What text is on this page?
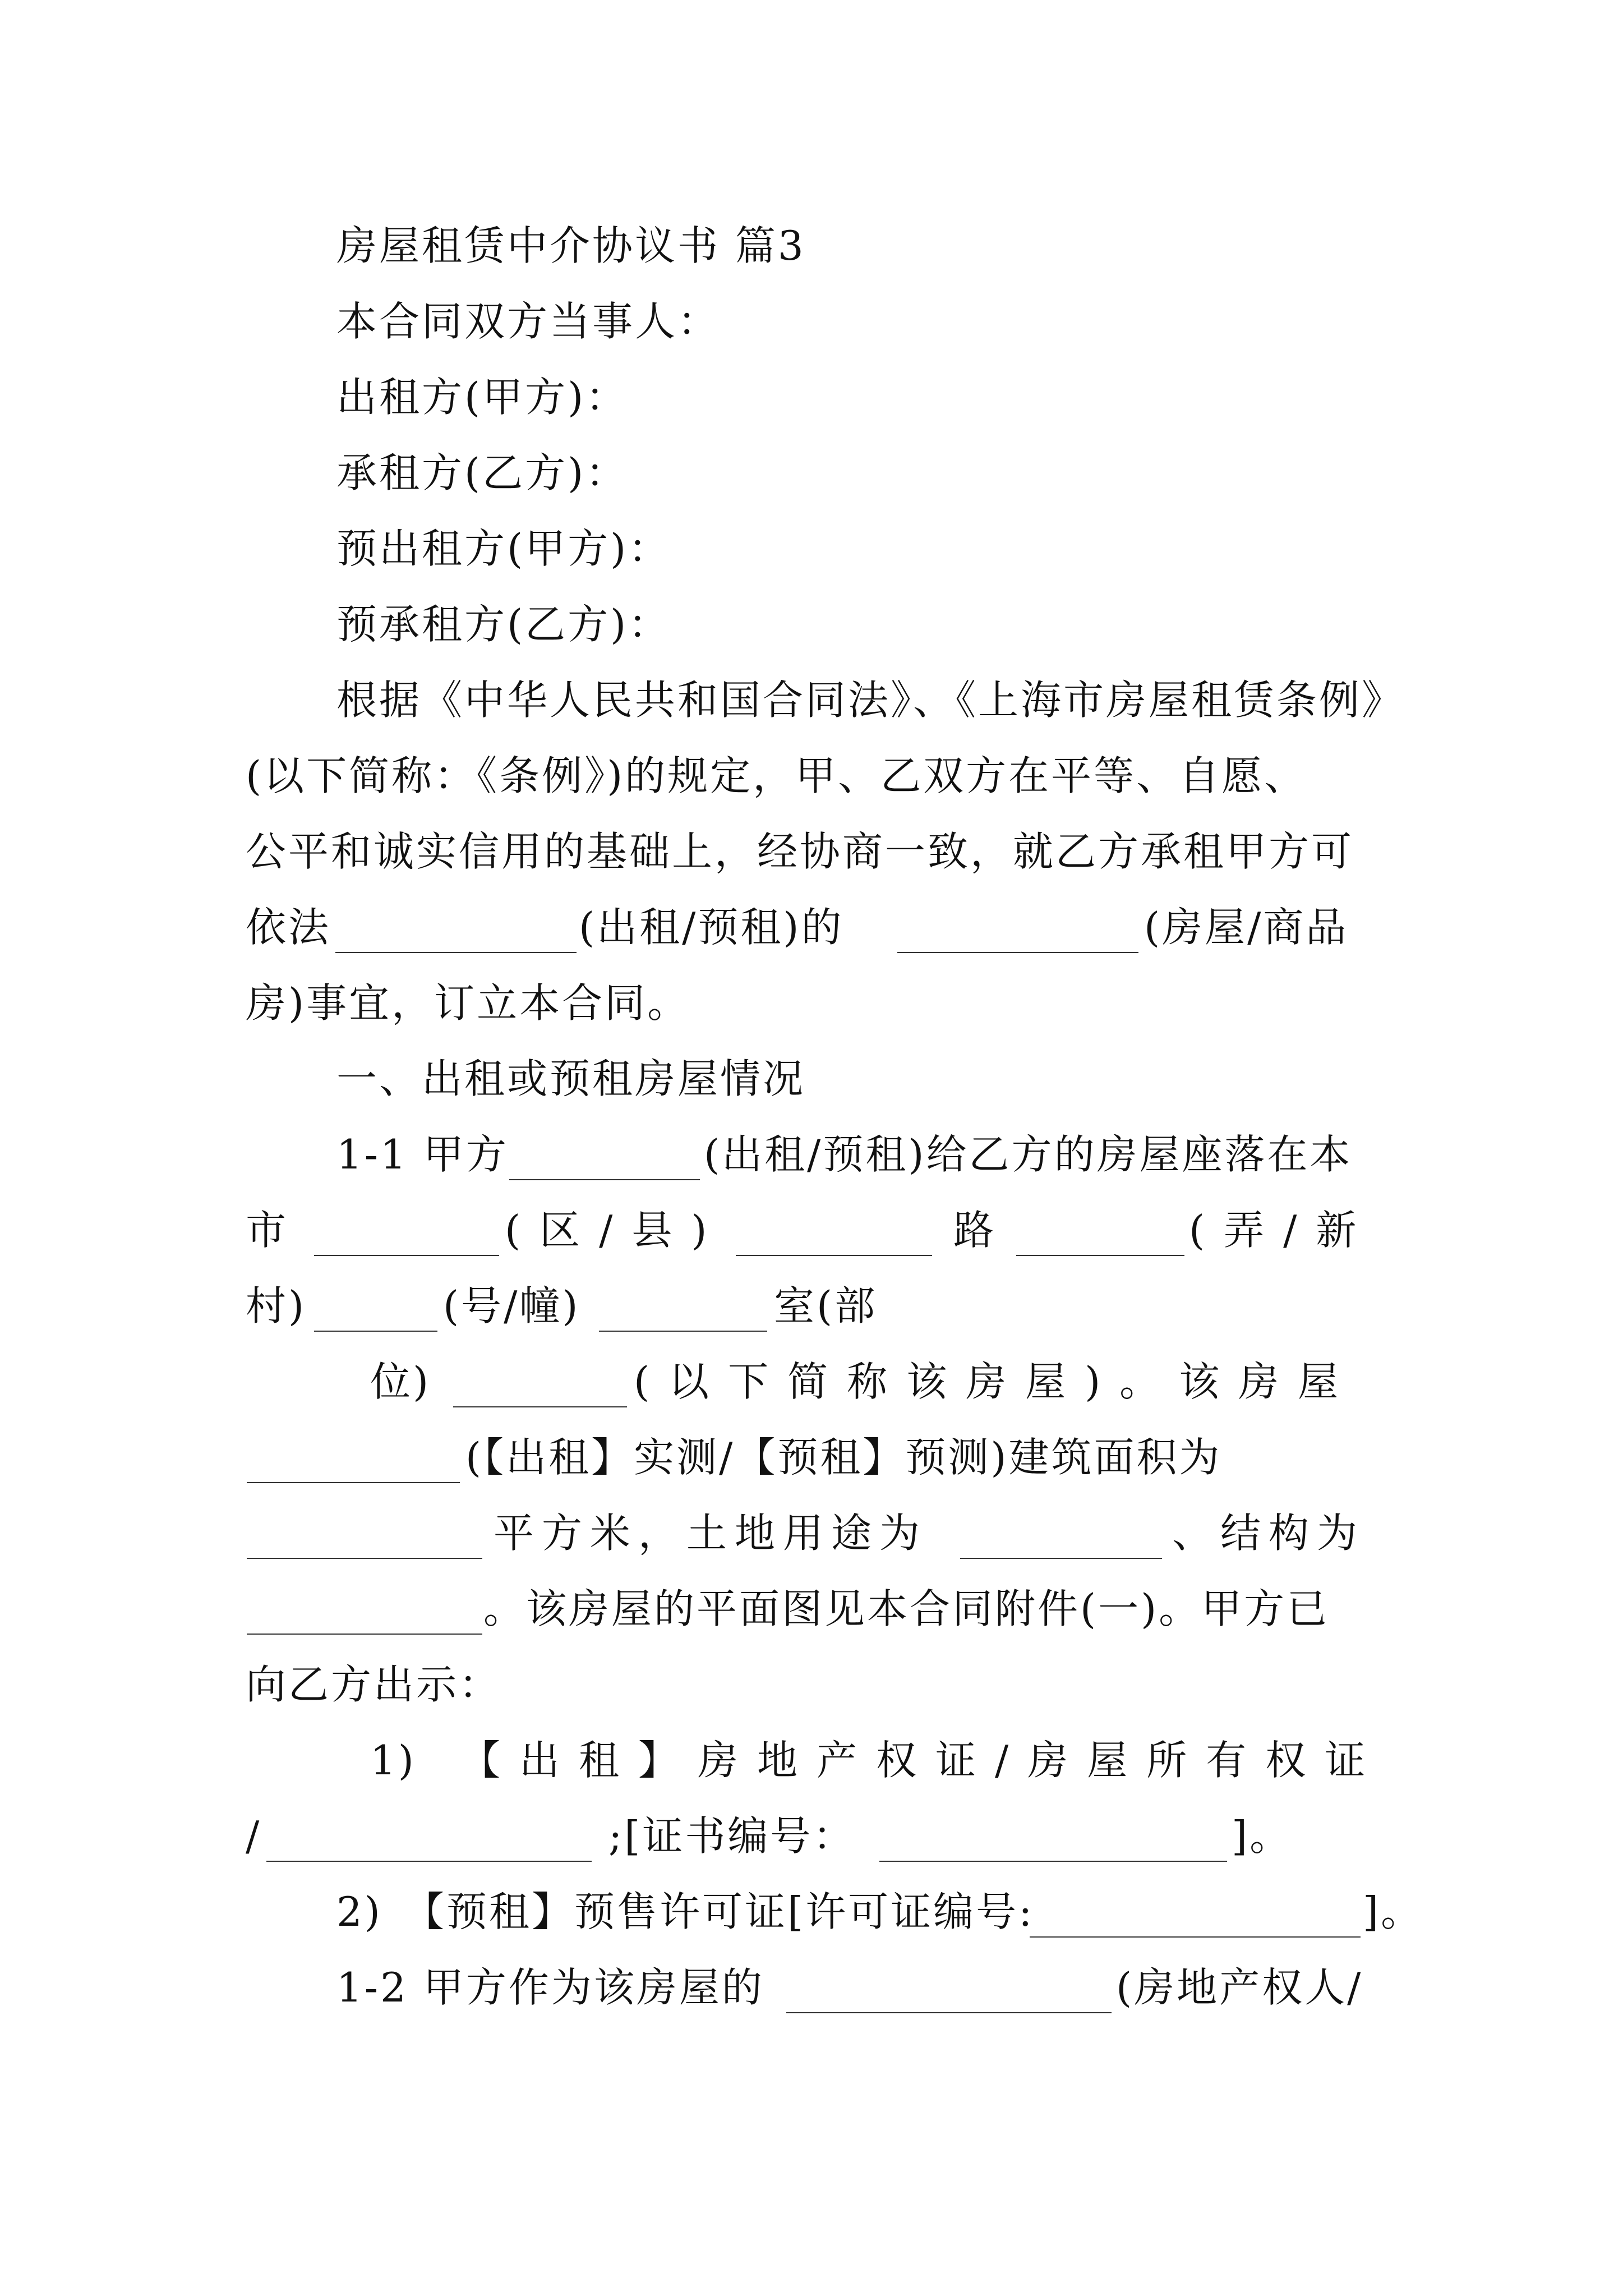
房屋租赁中介协议书 篇3
本合同双方当事人：
出租方(甲方)：
承租方(乙方)：
预出租方(甲方)：
预承租方(乙方)：
根据《中华人民共和国合同法》、《上海市房屋租赁条例》
(以下简称：《条例》)的规定，甲、乙双方在平等、自愿、
公平和诚实信用的基础上，经协商一致，就乙方承租甲方可
依法	(出租/预租)的	(房屋/商品
房)事宜，订立本合同。
一、出租或预租房屋情况
1-1 甲方	(出租/预租)给乙方的房屋座落在本
市	(区/县)	路	(弄/新
村)	(号/幢)	室(部
位)	(以下简称该房屋)。该房屋
(【出租】实测/【预租】预测)建筑面积为
平方米，土地用途为	、结构为
。该房屋的平面图见本合同附件(一)。甲方已
向乙方出示：
1) 【出租】房地产权证/房屋所有权证
/	;[证书编号：	]。
2) 【预租】预售许可证[许可证编号:	]。
1-2 甲方作为该房屋的	(房地产权人/
